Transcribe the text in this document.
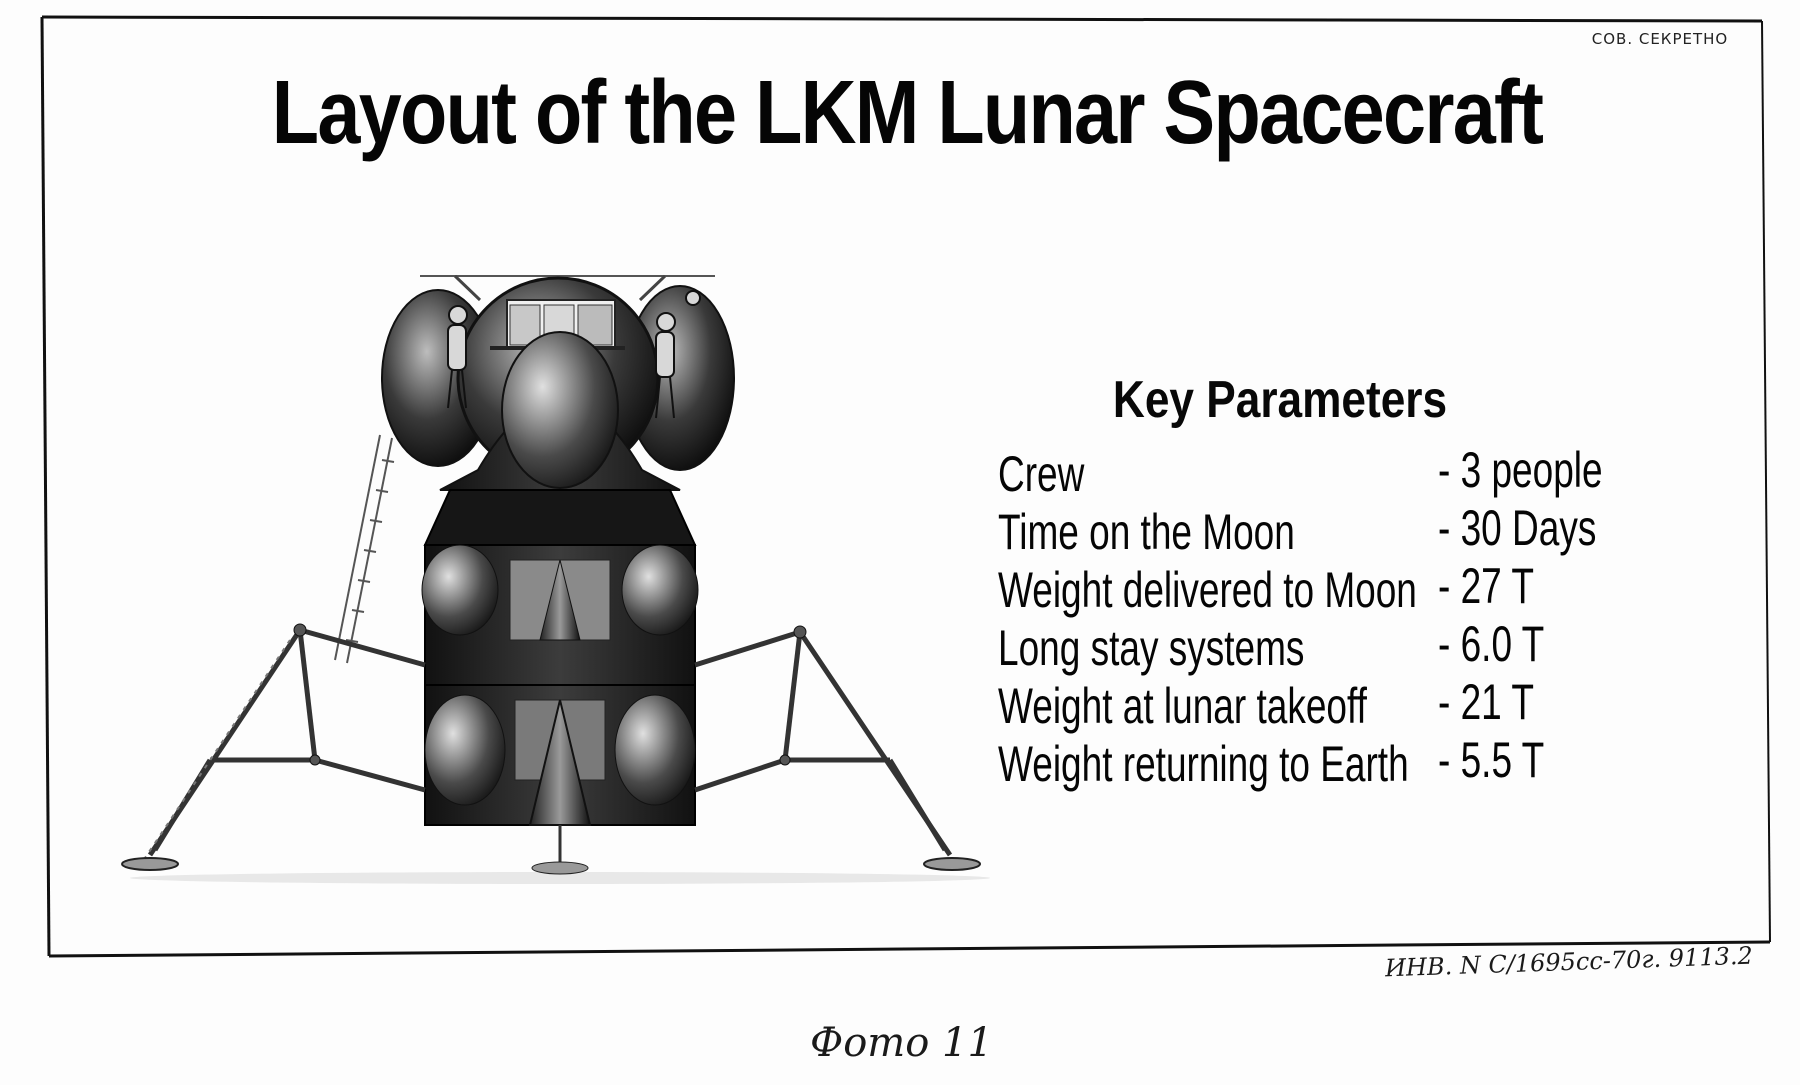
СОВ. СЕКРЕТНО
Layout of the LKM Lunar Spacecraft
Key Parameters
Crew	- 3 people
Time on the Moon	- 30 Days
Weight delivered to Moon - 27 T
Long stay systems	- 6.0 T
Weight at lunar takeoff - 21 T
Weight returning to Earth - 5.5 T
ИНВ. N С/1695сс-70г. 9113.2
Фото 11
